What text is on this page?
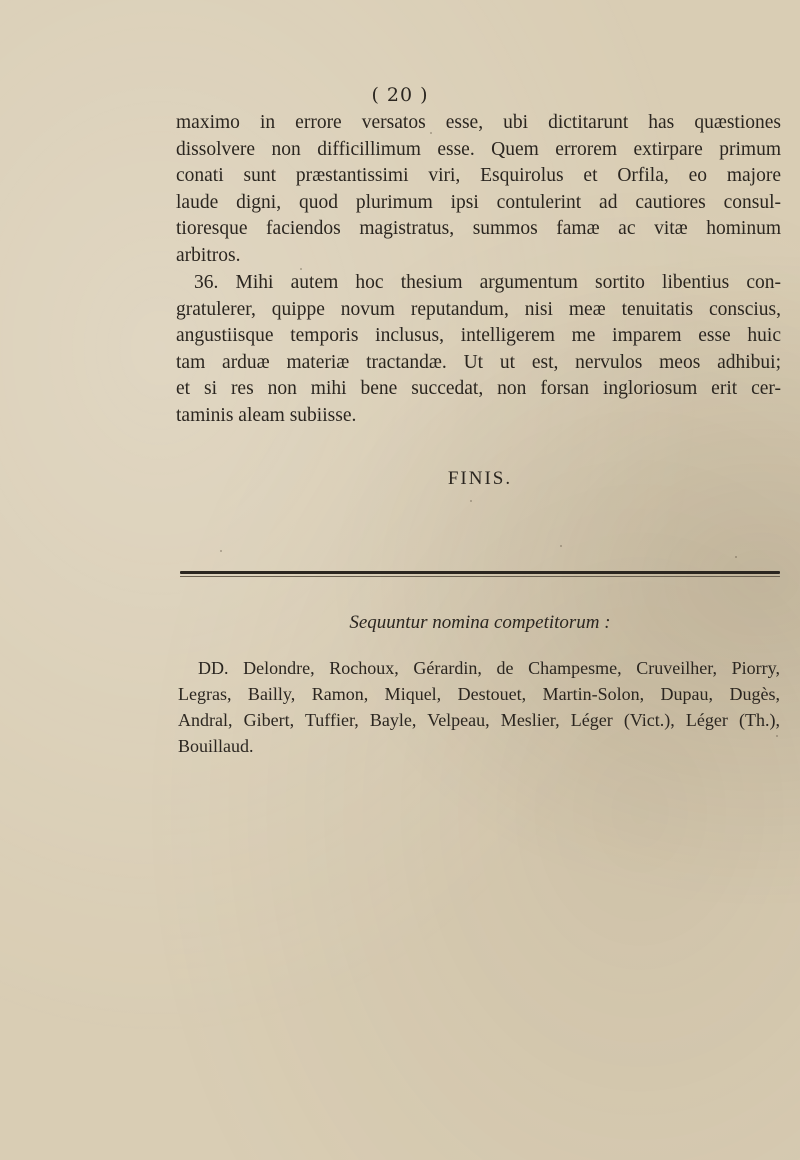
( 20 )
maximo in errore versatos esse, ubi dictitarunt has quæstiones
dissolvere non difficillimum esse. Quem errorem extirpare primum
conati sunt præstantissimi viri, Esquirolus et Orfila, eo majore
laude digni, quod plurimum ipsi contulerint ad cautiores consul-
tioresque faciendos magistratus, summos famæ ac vitæ hominum
arbitros.
36. Mihi autem hoc thesium argumentum sortito libentius con-
gratulerer, quippe novum reputandum, nisi meæ tenuitatis conscius,
angustiisque temporis inclusus, intelligerem me imparem esse huic
tam arduæ materiæ tractandæ. Ut ut est, nervulos meos adhibui;
et si res non mihi bene succedat, non forsan ingloriosum erit cer-
taminis aleam subiisse.
FINIS.
Sequuntur nomina competitorum :
DD. Delondre, Rochoux, Gérardin, de Champesme, Cruveilher, Piorry,
Legras, Bailly, Ramon, Miquel, Destouet, Martin-Solon, Dupau, Dugès,
Andral, Gibert, Tuffier, Bayle, Velpeau, Meslier, Léger (Vict.), Léger (Th.),
Bouillaud.
